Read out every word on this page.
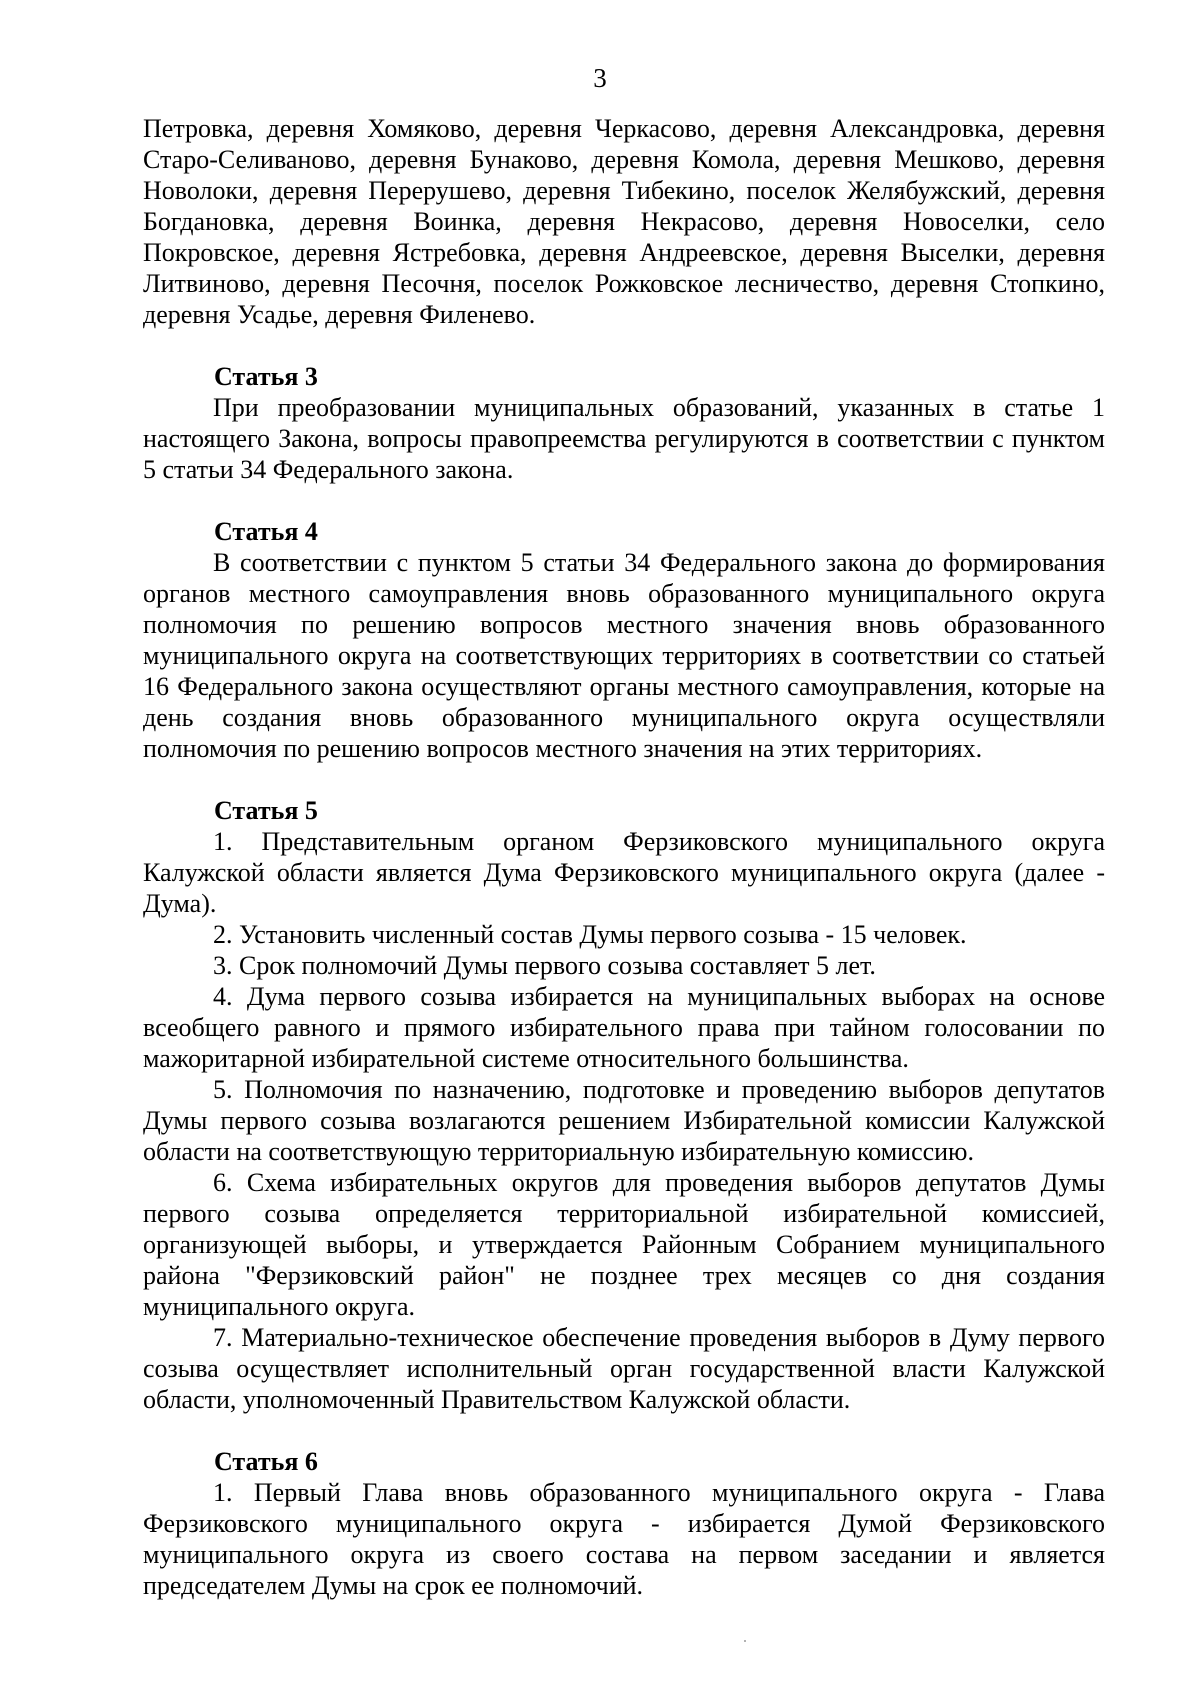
3

Петровка, деревня Хомяково, деревня Черкасово, деревня Александровка, деревня Старо-Селиваново, деревня Бунаково, деревня Комола, деревня Мешково, деревня Новолоки, деревня Перерушево, деревня Тибекино, поселок Желябужский, деревня Богдановка, деревня Воинка, деревня Некрасово, деревня Новоселки, село Покровское, деревня Ястребовка, деревня Андреевское, деревня Выселки, деревня Литвиново, деревня Песочня, поселок Рожковское лесничество, деревня Стопкино, деревня Усадье, деревня Филенево.

Статья 3

При преобразовании муниципальных образований, указанных в статье 1 настоящего Закона, вопросы правопреемства регулируются в соответствии с пунктом 5 статьи 34 Федерального закона.

Статья 4

В соответствии с пунктом 5 статьи 34 Федерального закона до формирования органов местного самоуправления вновь образованного муниципального округа полномочия по решению вопросов местного значения вновь образованного муниципального округа на соответствующих территориях в соответствии со статьей 16 Федерального закона осуществляют органы местного самоуправления, которые на день создания вновь образованного муниципального округа осуществляли полномочия по решению вопросов местного значения на этих территориях.

Статья 5

1. Представительным органом Ферзиковского муниципального округа Калужской области является Дума Ферзиковского муниципального округа (далее - Дума).

2. Установить численный состав Думы первого созыва - 15 человек.

3. Срок полномочий Думы первого созыва составляет 5 лет.

4. Дума первого созыва избирается на муниципальных выборах на основе всеобщего равного и прямого избирательного права при тайном голосовании по мажоритарной избирательной системе относительного большинства.

5. Полномочия по назначению, подготовке и проведению выборов депутатов Думы первого созыва возлагаются решением Избирательной комиссии Калужской области на соответствующую территориальную избирательную комиссию.

6. Схема избирательных округов для проведения выборов депутатов Думы первого созыва определяется территориальной избирательной комиссией, организующей выборы, и утверждается Районным Собранием муниципального района "Ферзиковский район" не позднее трех месяцев со дня создания муниципального округа.

7. Материально-техническое обеспечение проведения выборов в Думу первого созыва осуществляет исполнительный орган государственной власти Калужской области, уполномоченный Правительством Калужской области.

Статья 6

1. Первый Глава вновь образованного муниципального округа - Глава Ферзиковского муниципального округа - избирается Думой Ферзиковского муниципального округа из своего состава на первом заседании и является председателем Думы на срок ее полномочий.
